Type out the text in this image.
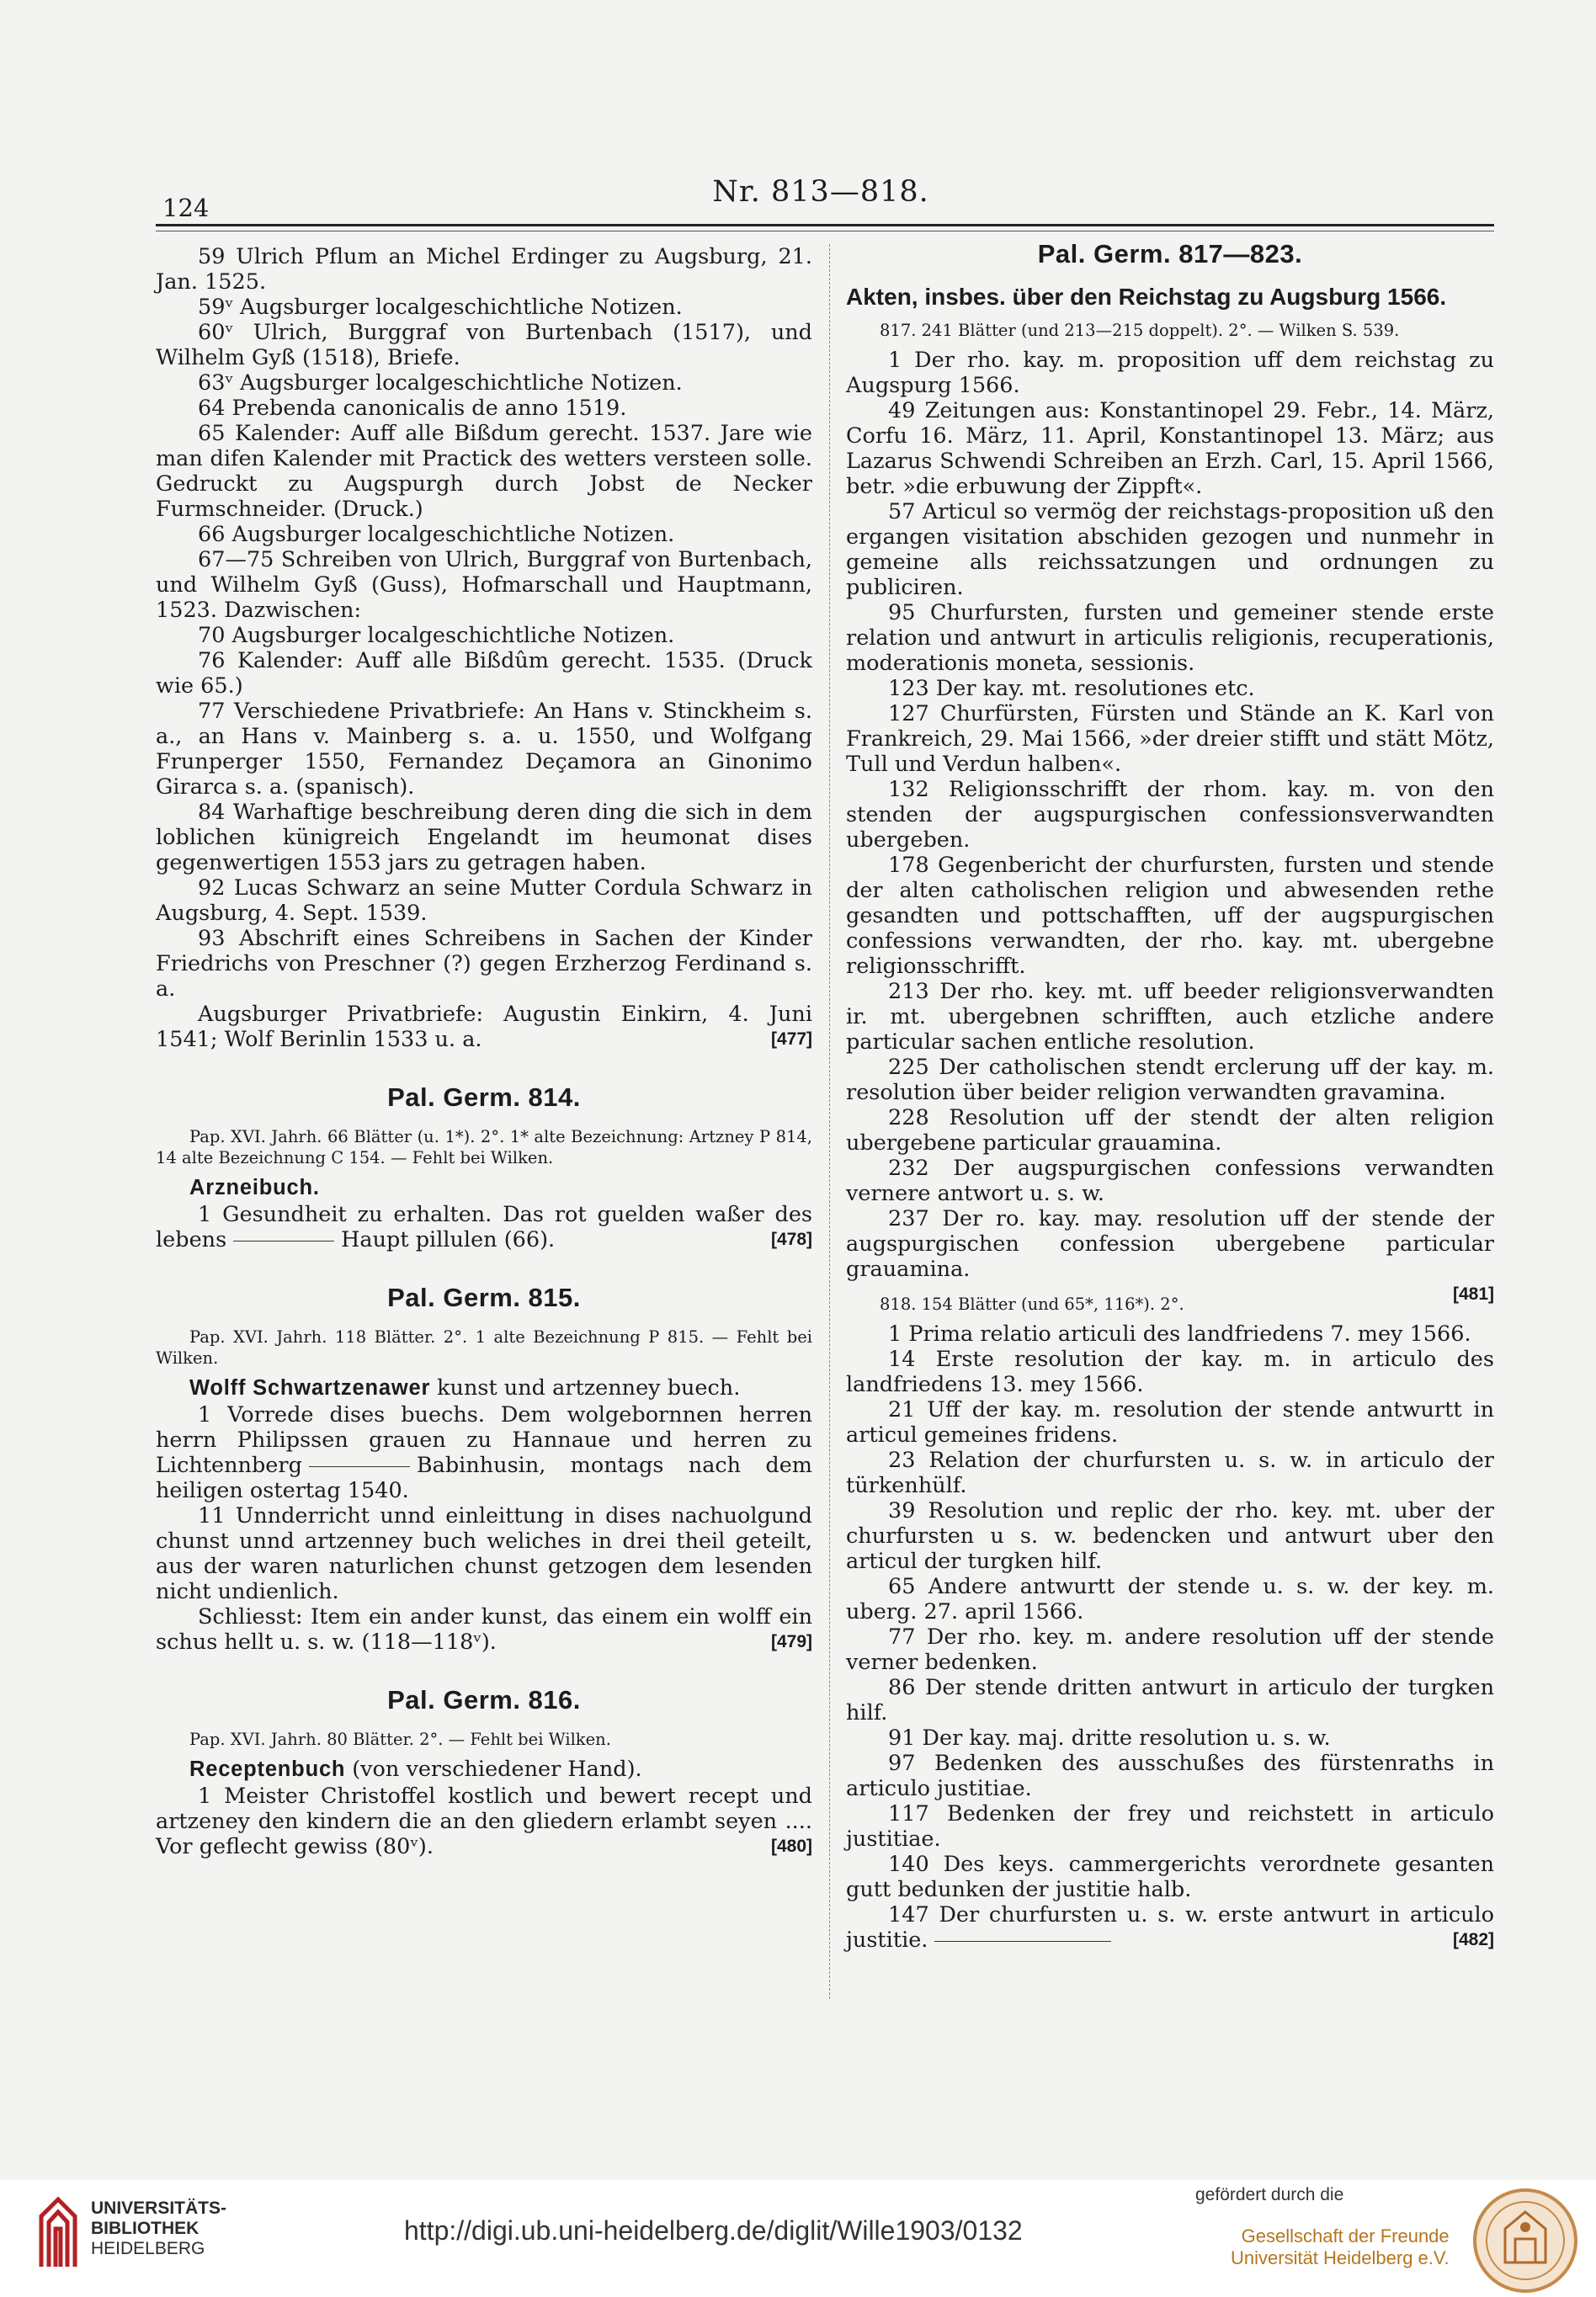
124	Nr. 813—818.

59 Ulrich Pflum an Michel Erdinger zu Augsburg, 21. Jan. 1525.

59ᵛ Augsburger localgeschichtliche Notizen.

60ᵛ Ulrich, Burggraf von Burtenbach (1517), und Wilhelm Gyß (1518), Briefe.

63ᵛ Augsburger localgeschichtliche Notizen.

64 Prebenda canonicalis de anno 1519.

65 Kalender: Auff alle Bißdum gerecht. 1537. Jare wie man difen Kalender mit Practick des wetters versteen solle. Gedruckt zu Augspurgh durch Jobst de Necker Furmschneider. (Druck.)

66 Augsburger localgeschichtliche Notizen.

67—75 Schreiben von Ulrich, Burggraf von Burtenbach, und Wilhelm Gyß (Guss), Hofmarschall und Hauptmann, 1523. Dazwischen:

70 Augsburger localgeschichtliche Notizen.

76 Kalender: Auff alle Bißdûm gerecht. 1535. (Druck wie 65.)

77 Verschiedene Privatbriefe: An Hans v. Stinckheim s. a., an Hans v. Mainberg s. a. u. 1550, und Wolfgang Frunperger 1550, Fernandez Deçamora an Ginonimo Girarca s. a. (spanisch).

84 Warhaftige beschreibung deren ding die sich in dem loblichen künigreich Engelandt im heumonat dises gegenwertigen 1553 jars zu getragen haben.

92 Lucas Schwarz an seine Mutter Cordula Schwarz in Augsburg, 4. Sept. 1539.

93 Abschrift eines Schreibens in Sachen der Kinder Friedrichs von Preschner (?) gegen Erzherzog Ferdinand s. a.

Augsburger Privatbriefe: Augustin Einkirn, 4. Juni 1541; Wolf Berinlin 1533 u. a.	[477]

Pal. Germ. 814.

Pap. XVI. Jahrh. 66 Blätter (u. 1*). 2°. 1* alte Bezeichnung: Artzney P 814, 14 alte Bezeichnung C 154. — Fehlt bei Wilken.

Arzneibuch.

1 Gesundheit zu erhalten. Das rot guelden waßer des lebens	Haupt pillulen (66).	[478]

Pal. Germ. 815.

Pap. XVI. Jahrh. 118 Blätter. 2°. 1 alte Bezeichnung P 815. — Fehlt bei Wilken.

Wolff Schwartzenawer kunst und artzenney buech.

1 Vorrede dises buechs. Dem wolgebornnen herren herrn Philipssen grauen zu Hannaue und herren zu Lichtennberg	Babinhusin, montags nach dem heiligen ostertag 1540.

11 Unnderricht unnd einleittung in dises nachuolgund chunst unnd artzenney buch weliches in drei theil geteilt, aus der waren naturlichen chunst getzogen dem lesenden nicht undienlich.

Schliesst: Item ein ander kunst, das einem ein wolff ein schus hellt u. s. w. (118—118ᵛ).	[479]

Pal. Germ. 816.

Pap. XVI. Jahrh. 80 Blätter. 2°. — Fehlt bei Wilken.

Receptenbuch (von verschiedener Hand).

1 Meister Christoffel kostlich und bewert recept und artzeney den kindern die an den gliedern erlambt seyen .... Vor geflecht gewiss (80ᵛ).	[480]

Pal. Germ. 817—823.
Akten, insbes. über den Reichstag zu Augsburg 1566.

817. 241 Blätter (und 213—215 doppelt). 2°. — Wilken S. 539.

1 Der rho. kay. m. proposition uff dem reichstag zu Augspurg 1566.

49 Zeitungen aus: Konstantinopel 29. Febr., 14. März, Corfu 16. März, 11. April, Konstantinopel 13. März; aus Lazarus Schwendi Schreiben an Erzh. Carl, 15. April 1566, betr. »die erbuwung der Zippft«.

57 Articul so vermög der reichstags-proposition uß den ergangen visitation abschiden gezogen und nunmehr in gemeine alls reichssatzungen und ordnungen zu publiciren.

95 Churfursten, fursten und gemeiner stende erste relation und antwurt in articulis religionis, recuperationis, moderationis moneta, sessionis.

123 Der kay. mt. resolutiones etc.

127 Churfürsten, Fürsten und Stände an K. Karl von Frankreich, 29. Mai 1566, »der dreier stifft und stätt Mötz, Tull und Verdun halben«.

132 Religionsschrifft der rhom. kay. m. von den stenden der augspurgischen confessionsverwandten ubergeben.

178 Gegenbericht der churfursten, fursten und stende der alten catholischen religion und abwesenden rethe gesandten und pottschafften, uff der augspurgischen confessions verwandten, der rho. kay. mt. ubergebne religionsschrifft.

213 Der rho. key. mt. uff beeder religionsverwandten ir. mt. ubergebnen schrifften, auch etzliche andere particular sachen entliche resolution.

225 Der catholischen stendt erclerung uff der kay. m. resolution über beider religion verwandten gravamina.

228 Resolution uff der stendt der alten religion ubergebene particular grauamina.

232 Der augspurgischen confessions verwandten vernere antwort u. s. w.

237 Der ro. kay. may. resolution uff der stende der augspurgischen confession ubergebene particular grauamina.

[481]

818. 154 Blätter (und 65*, 116*). 2°.

1 Prima relatio articuli des landfriedens 7. mey 1566.

14 Erste resolution der kay. m. in articulo des landfriedens 13. mey 1566.

21 Uff der kay. m. resolution der stende antwurtt in articul gemeines fridens.

23 Relation der churfursten u. s. w. in articulo der türkenhülf.

39 Resolution und replic der rho. key. mt. uber der churfursten u s. w. bedencken und antwurt uber den articul der turgken hilf.

65 Andere antwurtt der stende u. s. w. der key. m. uberg. 27. april 1566.

77 Der rho. key. m. andere resolution uff der stende verner bedenken.

86 Der stende dritten antwurt in articulo der turgken hilf.

91 Der kay. maj. dritte resolution u. s. w.

97 Bedenken des ausschußes des fürstenraths in articulo justitiae.

117 Bedenken der frey und reichstett in articulo justitiae.

140 Des keys. cammergerichts verordnete gesanten gutt bedunken der justitie halb.

147 Der churfursten u. s. w. erste antwurt in articulo justitie.	[482]

UNIVERSITÄTS-
BIBLIOTHEK
HEIDELBERG
http://digi.ub.uni-heidelberg.de/diglit/Wille1903/0132
gefördert durch die
Gesellschaft der Freunde
Universität Heidelberg e.V.
